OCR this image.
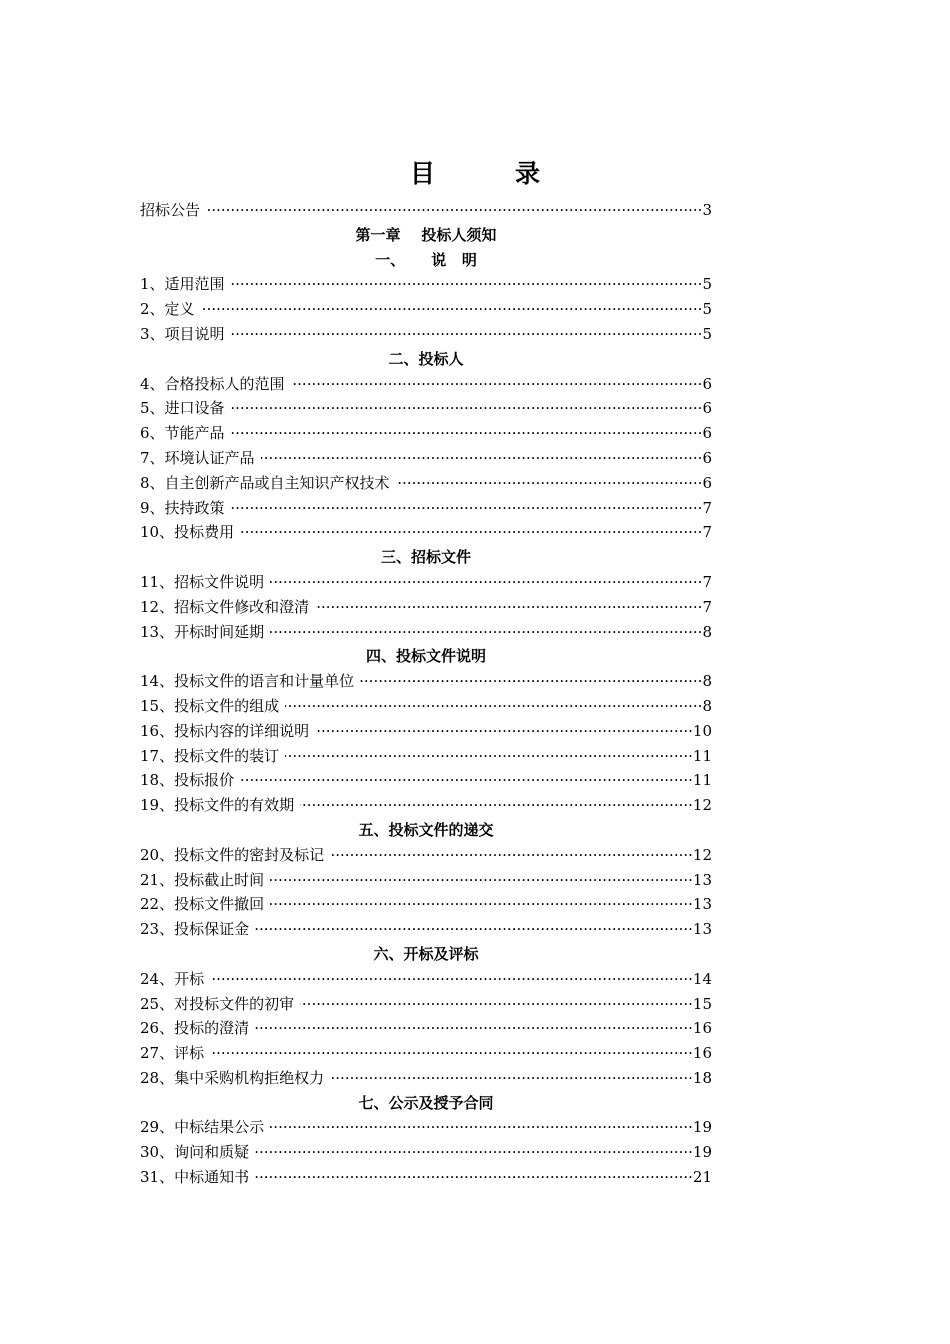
目	录
招标公告 ·····	3
第一章    投标人须知
一、     说   明
1、适用范围 ·····	5
2、定义 ·····	5
3、项目说明 ·····	5
二、投标人
4、合格投标人的范围 ·····	6
5、进口设备 ·····	6
6、节能产品 ·····	6
7、环境认证产品 ·····	6
8、自主创新产品或自主知识产权技术 ·····	6
9、扶持政策 ·····	7
10、投标费用 ·····	7
三、招标文件
11、招标文件说明 ·····	7
12、招标文件修改和澄清 ·····	7
13、开标时间延期 ·····	8
四、投标文件说明
14、投标文件的语言和计量单位 ·····	8
15、投标文件的组成 ·····	8
16、投标内容的详细说明 ·····	10
17、投标文件的装订 ·····	11
18、投标报价 ·····	11
19、投标文件的有效期 ·····	12
五、投标文件的递交
20、投标文件的密封及标记 ·····	12
21、投标截止时间 ·····	13
22、投标文件撤回 ·····	13
23、投标保证金 ·····	13
六、开标及评标
24、开标 ·····	14
25、对投标文件的初审 ·····	15
26、投标的澄清 ·····	16
27、评标 ·····	16
28、集中采购机构拒绝权力 ·····	18
七、公示及授予合同
29、中标结果公示 ·····	19
30、询问和质疑 ·····	19
31、中标通知书 ·····	21
